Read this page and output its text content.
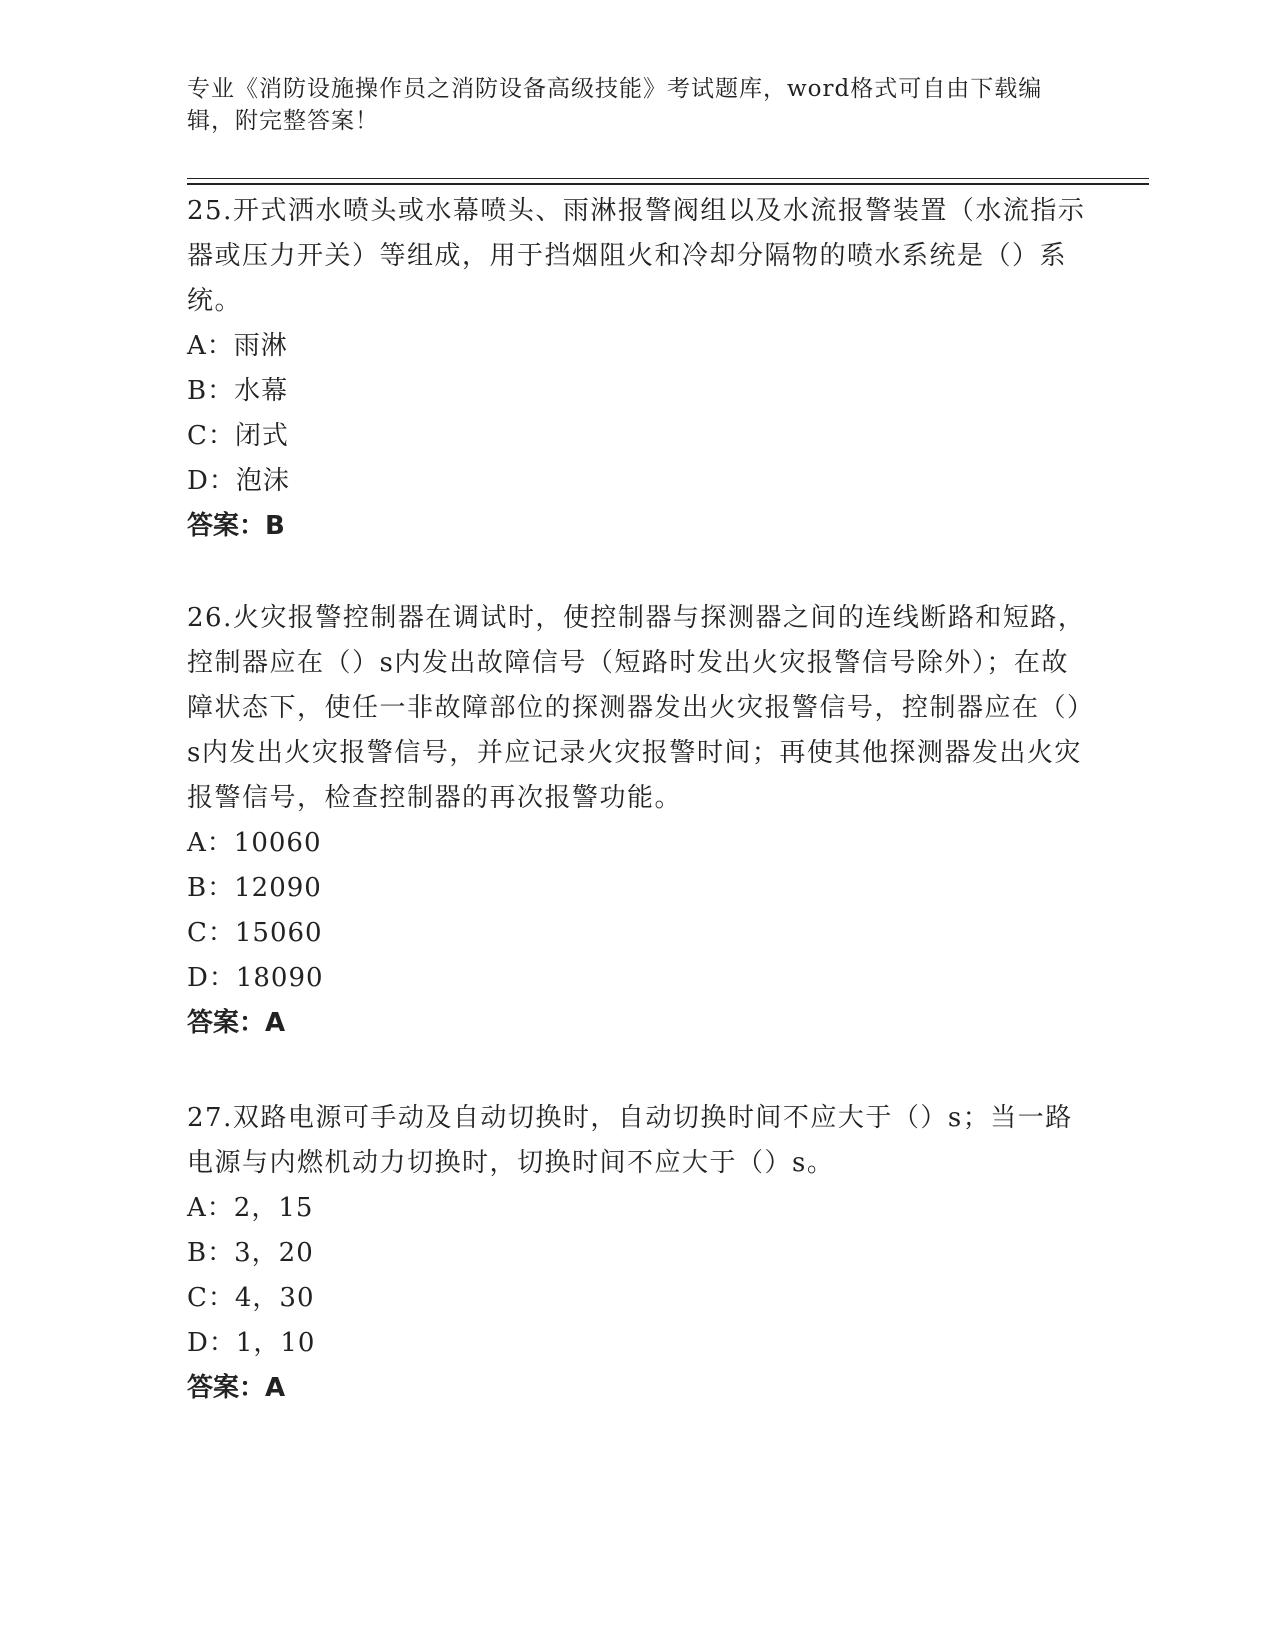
专业《消防设施操作员之消防设备高级技能》考试题库，word格式可自由下载编辑，附完整答案！

25.开式洒水喷头或水幕喷头、雨淋报警阀组以及水流报警装置（水流指示器或压力开关）等组成，用于挡烟阻火和冷却分隔物的喷水系统是（）系统。

A：雨淋

B：水幕

C：闭式

D：泡沫

答案：B

26.火灾报警控制器在调试时，使控制器与探测器之间的连线断路和短路，控制器应在（）s内发出故障信号（短路时发出火灾报警信号除外）；在故障状态下，使任一非故障部位的探测器发出火灾报警信号，控制器应在（）s内发出火灾报警信号，并应记录火灾报警时间；再使其他探测器发出火灾报警信号，检查控制器的再次报警功能。

A：10060

B：12090

C：15060

D：18090

答案：A

27.双路电源可手动及自动切换时，自动切换时间不应大于（）s；当一路电源与内燃机动力切换时，切换时间不应大于（）s。

A：2，15

B：3，20

C：4，30

D：1，10

答案：A
